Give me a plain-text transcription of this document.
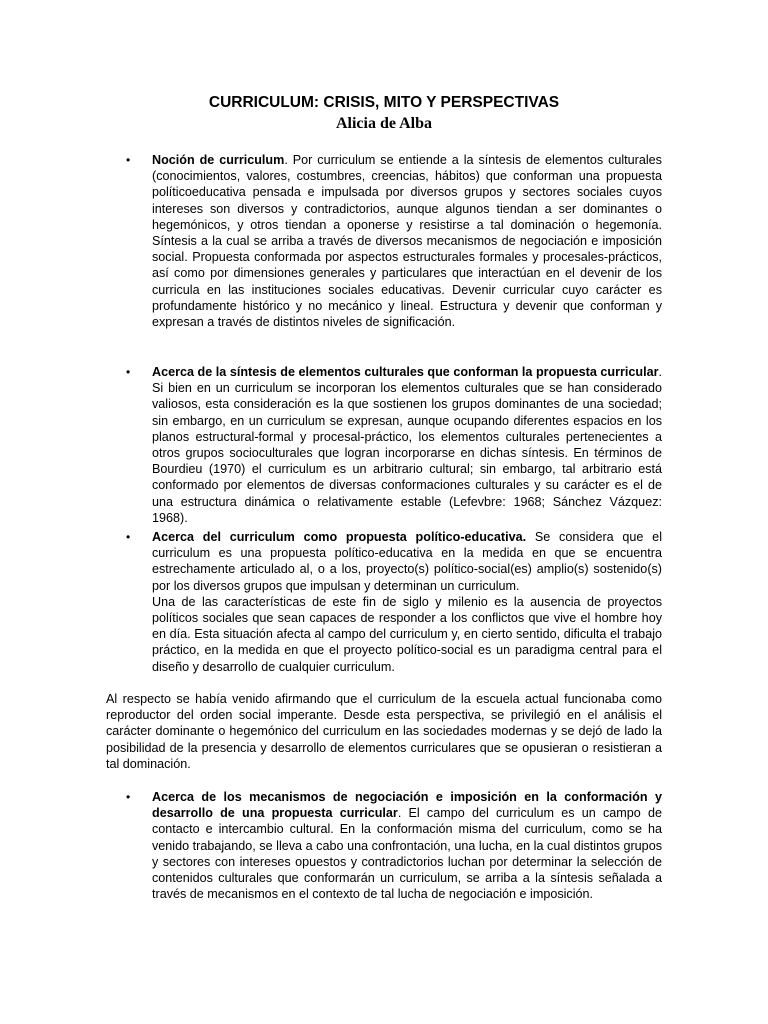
CURRICULUM: CRISIS, MITO Y PERSPECTIVAS
Alicia de Alba
• Noción de curriculum. Por curriculum se entiende a la síntesis de elementos culturales (conocimientos, valores, costumbres, creencias, hábitos) que conforman una propuesta políticoeducativa pensada e impulsada por diversos grupos y sectores sociales cuyos intereses son diversos y contradictorios, aunque algunos tiendan a ser dominantes o hegemónicos, y otros tiendan a oponerse y resistirse a tal dominación o hegemonía. Síntesis a la cual se arriba a través de diversos mecanismos de negociación e imposición social. Propuesta conformada por aspectos estructurales formales y procesales-prácticos, así como por dimensiones generales y particulares que interactúan en el devenir de los curricula en las instituciones sociales educativas. Devenir curricular cuyo carácter es profundamente histórico y no mecánico y lineal. Estructura y devenir que conforman y expresan a través de distintos niveles de significación.
• Acerca de la síntesis de elementos culturales que conforman la propuesta curricular. Si bien en un curriculum se incorporan los elementos culturales que se han considerado valiosos, esta consideración es la que sostienen los grupos dominantes de una sociedad; sin embargo, en un curriculum se expresan, aunque ocupando diferentes espacios en los planos estructural-formal y procesal-práctico, los elementos culturales pertenecientes a otros grupos socioculturales que logran incorporarse en dichas síntesis. En términos de Bourdieu (1970) el curriculum es un arbitrario cultural; sin embargo, tal arbitrario está conformado por elementos de diversas conformaciones culturales y su carácter es el de una estructura dinámica o relativamente estable (Lefevbre: 1968; Sánchez Vázquez: 1968).
• Acerca del curriculum como propuesta político-educativa. Se considera que el curriculum es una propuesta político-educativa en la medida en que se encuentra estrechamente articulado al, o a los, proyecto(s) político-social(es) amplio(s) sostenido(s) por los diversos grupos que impulsan y determinan un curriculum.
Una de las características de este fin de siglo y milenio es la ausencia de proyectos políticos sociales que sean capaces de responder a los conflictos que vive el hombre hoy en día. Esta situación afecta al campo del curriculum y, en cierto sentido, dificulta el trabajo práctico, en la medida en que el proyecto político-social es un paradigma central para el diseño y desarrollo de cualquier curriculum.
Al respecto se había venido afirmando que el curriculum de la escuela actual funcionaba como reproductor del orden social imperante. Desde esta perspectiva, se privilegió en el análisis el carácter dominante o hegemónico del curriculum en las sociedades modernas y se dejó de lado la posibilidad de la presencia y desarrollo de elementos curriculares que se opusieran o resistieran a tal dominación.
• Acerca de los mecanismos de negociación e imposición en la conformación y desarrollo de una propuesta curricular. El campo del curriculum es un campo de contacto e intercambio cultural. En la conformación misma del curriculum, como se ha venido trabajando, se lleva a cabo una confrontación, una lucha, en la cual distintos grupos y sectores con intereses opuestos y contradictorios luchan por determinar la selección de contenidos culturales que conformarán un curriculum, se arriba a la síntesis señalada a través de mecanismos en el contexto de tal lucha de negociación e imposición.
